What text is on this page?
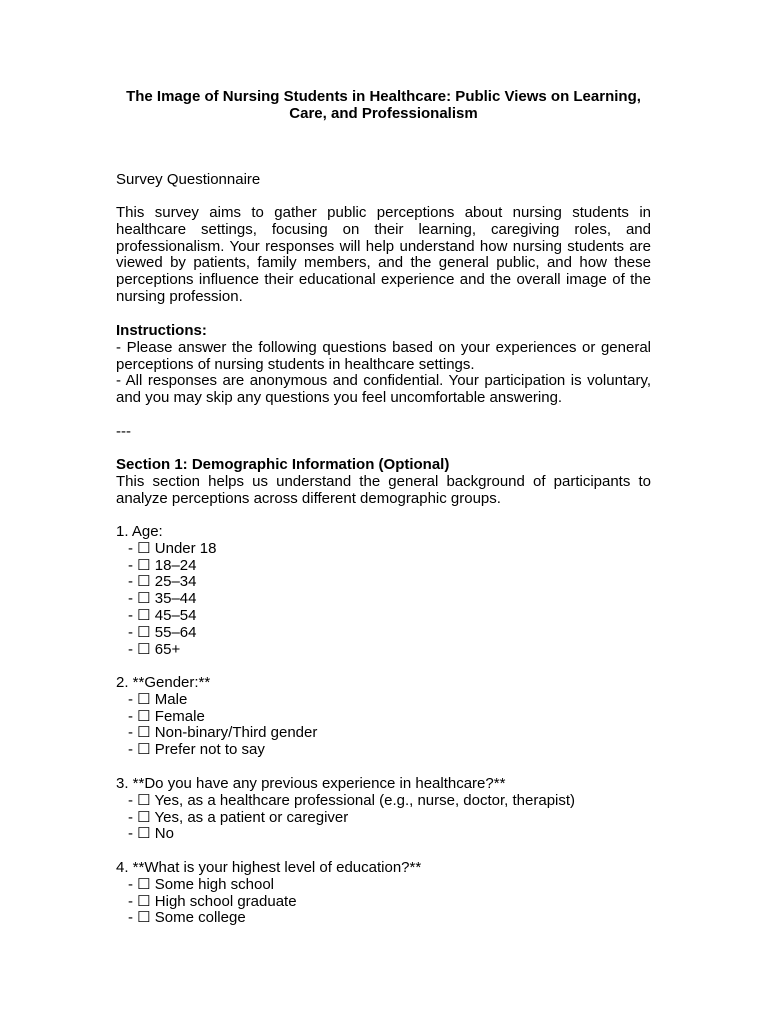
The Image of Nursing Students in Healthcare: Public Views on Learning,
Care, and Professionalism
Survey Questionnaire
This survey aims to gather public perceptions about nursing students in healthcare settings, focusing on their learning, caregiving roles, and professionalism. Your responses will help understand how nursing students are viewed by patients, family members, and the general public, and how these perceptions influence their educational experience and the overall image of the nursing profession.
Instructions:
- Please answer the following questions based on your experiences or general perceptions of nursing students in healthcare settings.
- All responses are anonymous and confidential. Your participation is voluntary, and you may skip any questions you feel uncomfortable answering.
---
Section 1: Demographic Information (Optional)
This section helps us understand the general background of participants to analyze perceptions across different demographic groups.
1. Age:
- ☐ Under 18
- ☐ 18–24
- ☐ 25–34
- ☐ 35–44
- ☐ 45–54
- ☐ 55–64
- ☐ 65+
2. **Gender:**
- ☐ Male
- ☐ Female
- ☐ Non-binary/Third gender
- ☐ Prefer not to say
3. **Do you have any previous experience in healthcare?**
- ☐ Yes, as a healthcare professional (e.g., nurse, doctor, therapist)
- ☐ Yes, as a patient or caregiver
- ☐ No
4. **What is your highest level of education?**
- ☐ Some high school
- ☐ High school graduate
- ☐ Some college
